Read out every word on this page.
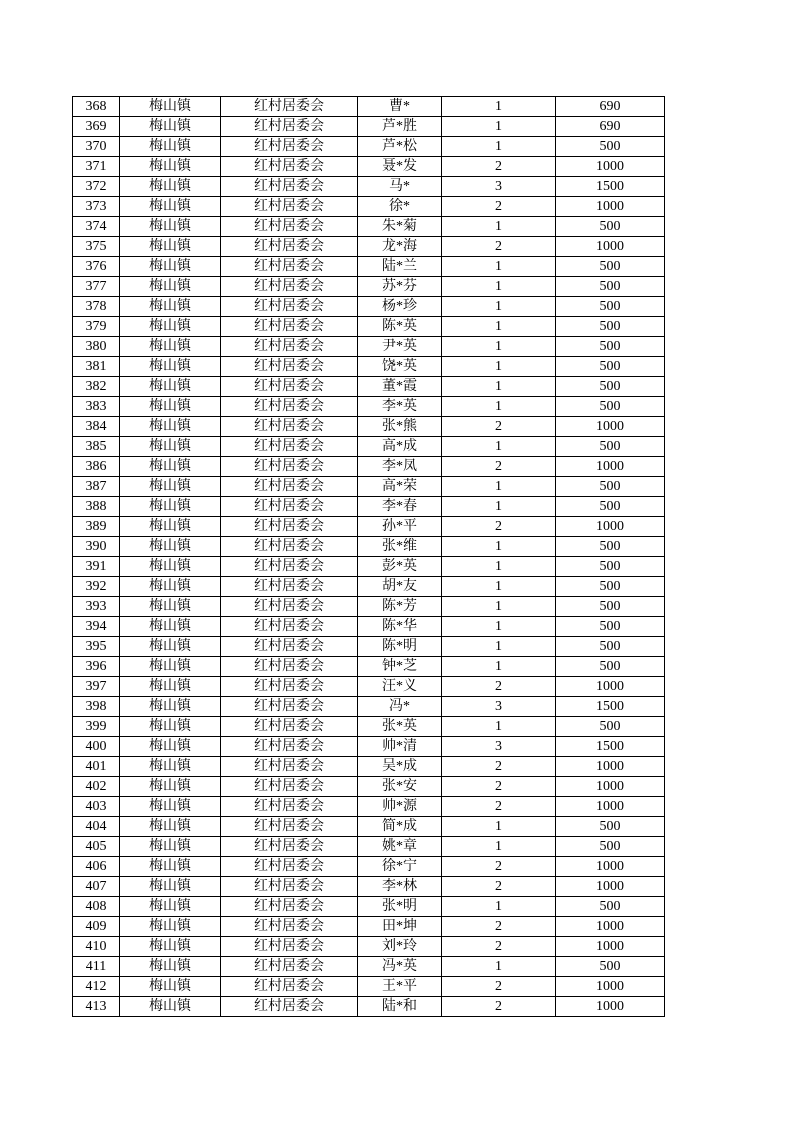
368	梅山镇	红村居委会	曹*	1	690
369	梅山镇	红村居委会	芦*胜	1	690
370	梅山镇	红村居委会	芦*松	1	500
371	梅山镇	红村居委会	聂*发	2	1000
372	梅山镇	红村居委会	马*	3	1500
373	梅山镇	红村居委会	徐*	2	1000
374	梅山镇	红村居委会	朱*菊	1	500
375	梅山镇	红村居委会	龙*海	2	1000
376	梅山镇	红村居委会	陆*兰	1	500
377	梅山镇	红村居委会	苏*芬	1	500
378	梅山镇	红村居委会	杨*珍	1	500
379	梅山镇	红村居委会	陈*英	1	500
380	梅山镇	红村居委会	尹*英	1	500
381	梅山镇	红村居委会	饶*英	1	500
382	梅山镇	红村居委会	董*霞	1	500
383	梅山镇	红村居委会	李*英	1	500
384	梅山镇	红村居委会	张*熊	2	1000
385	梅山镇	红村居委会	高*成	1	500
386	梅山镇	红村居委会	李*凤	2	1000
387	梅山镇	红村居委会	高*荣	1	500
388	梅山镇	红村居委会	李*春	1	500
389	梅山镇	红村居委会	孙*平	2	1000
390	梅山镇	红村居委会	张*维	1	500
391	梅山镇	红村居委会	彭*英	1	500
392	梅山镇	红村居委会	胡*友	1	500
393	梅山镇	红村居委会	陈*芳	1	500
394	梅山镇	红村居委会	陈*华	1	500
395	梅山镇	红村居委会	陈*明	1	500
396	梅山镇	红村居委会	钟*芝	1	500
397	梅山镇	红村居委会	汪*义	2	1000
398	梅山镇	红村居委会	冯*	3	1500
399	梅山镇	红村居委会	张*英	1	500
400	梅山镇	红村居委会	帅*清	3	1500
401	梅山镇	红村居委会	吴*成	2	1000
402	梅山镇	红村居委会	张*安	2	1000
403	梅山镇	红村居委会	帅*源	2	1000
404	梅山镇	红村居委会	简*成	1	500
405	梅山镇	红村居委会	姚*章	1	500
406	梅山镇	红村居委会	徐*宁	2	1000
407	梅山镇	红村居委会	李*林	2	1000
408	梅山镇	红村居委会	张*明	1	500
409	梅山镇	红村居委会	田*坤	2	1000
410	梅山镇	红村居委会	刘*玲	2	1000
411	梅山镇	红村居委会	冯*英	1	500
412	梅山镇	红村居委会	王*平	2	1000
413	梅山镇	红村居委会	陆*和	2	1000
